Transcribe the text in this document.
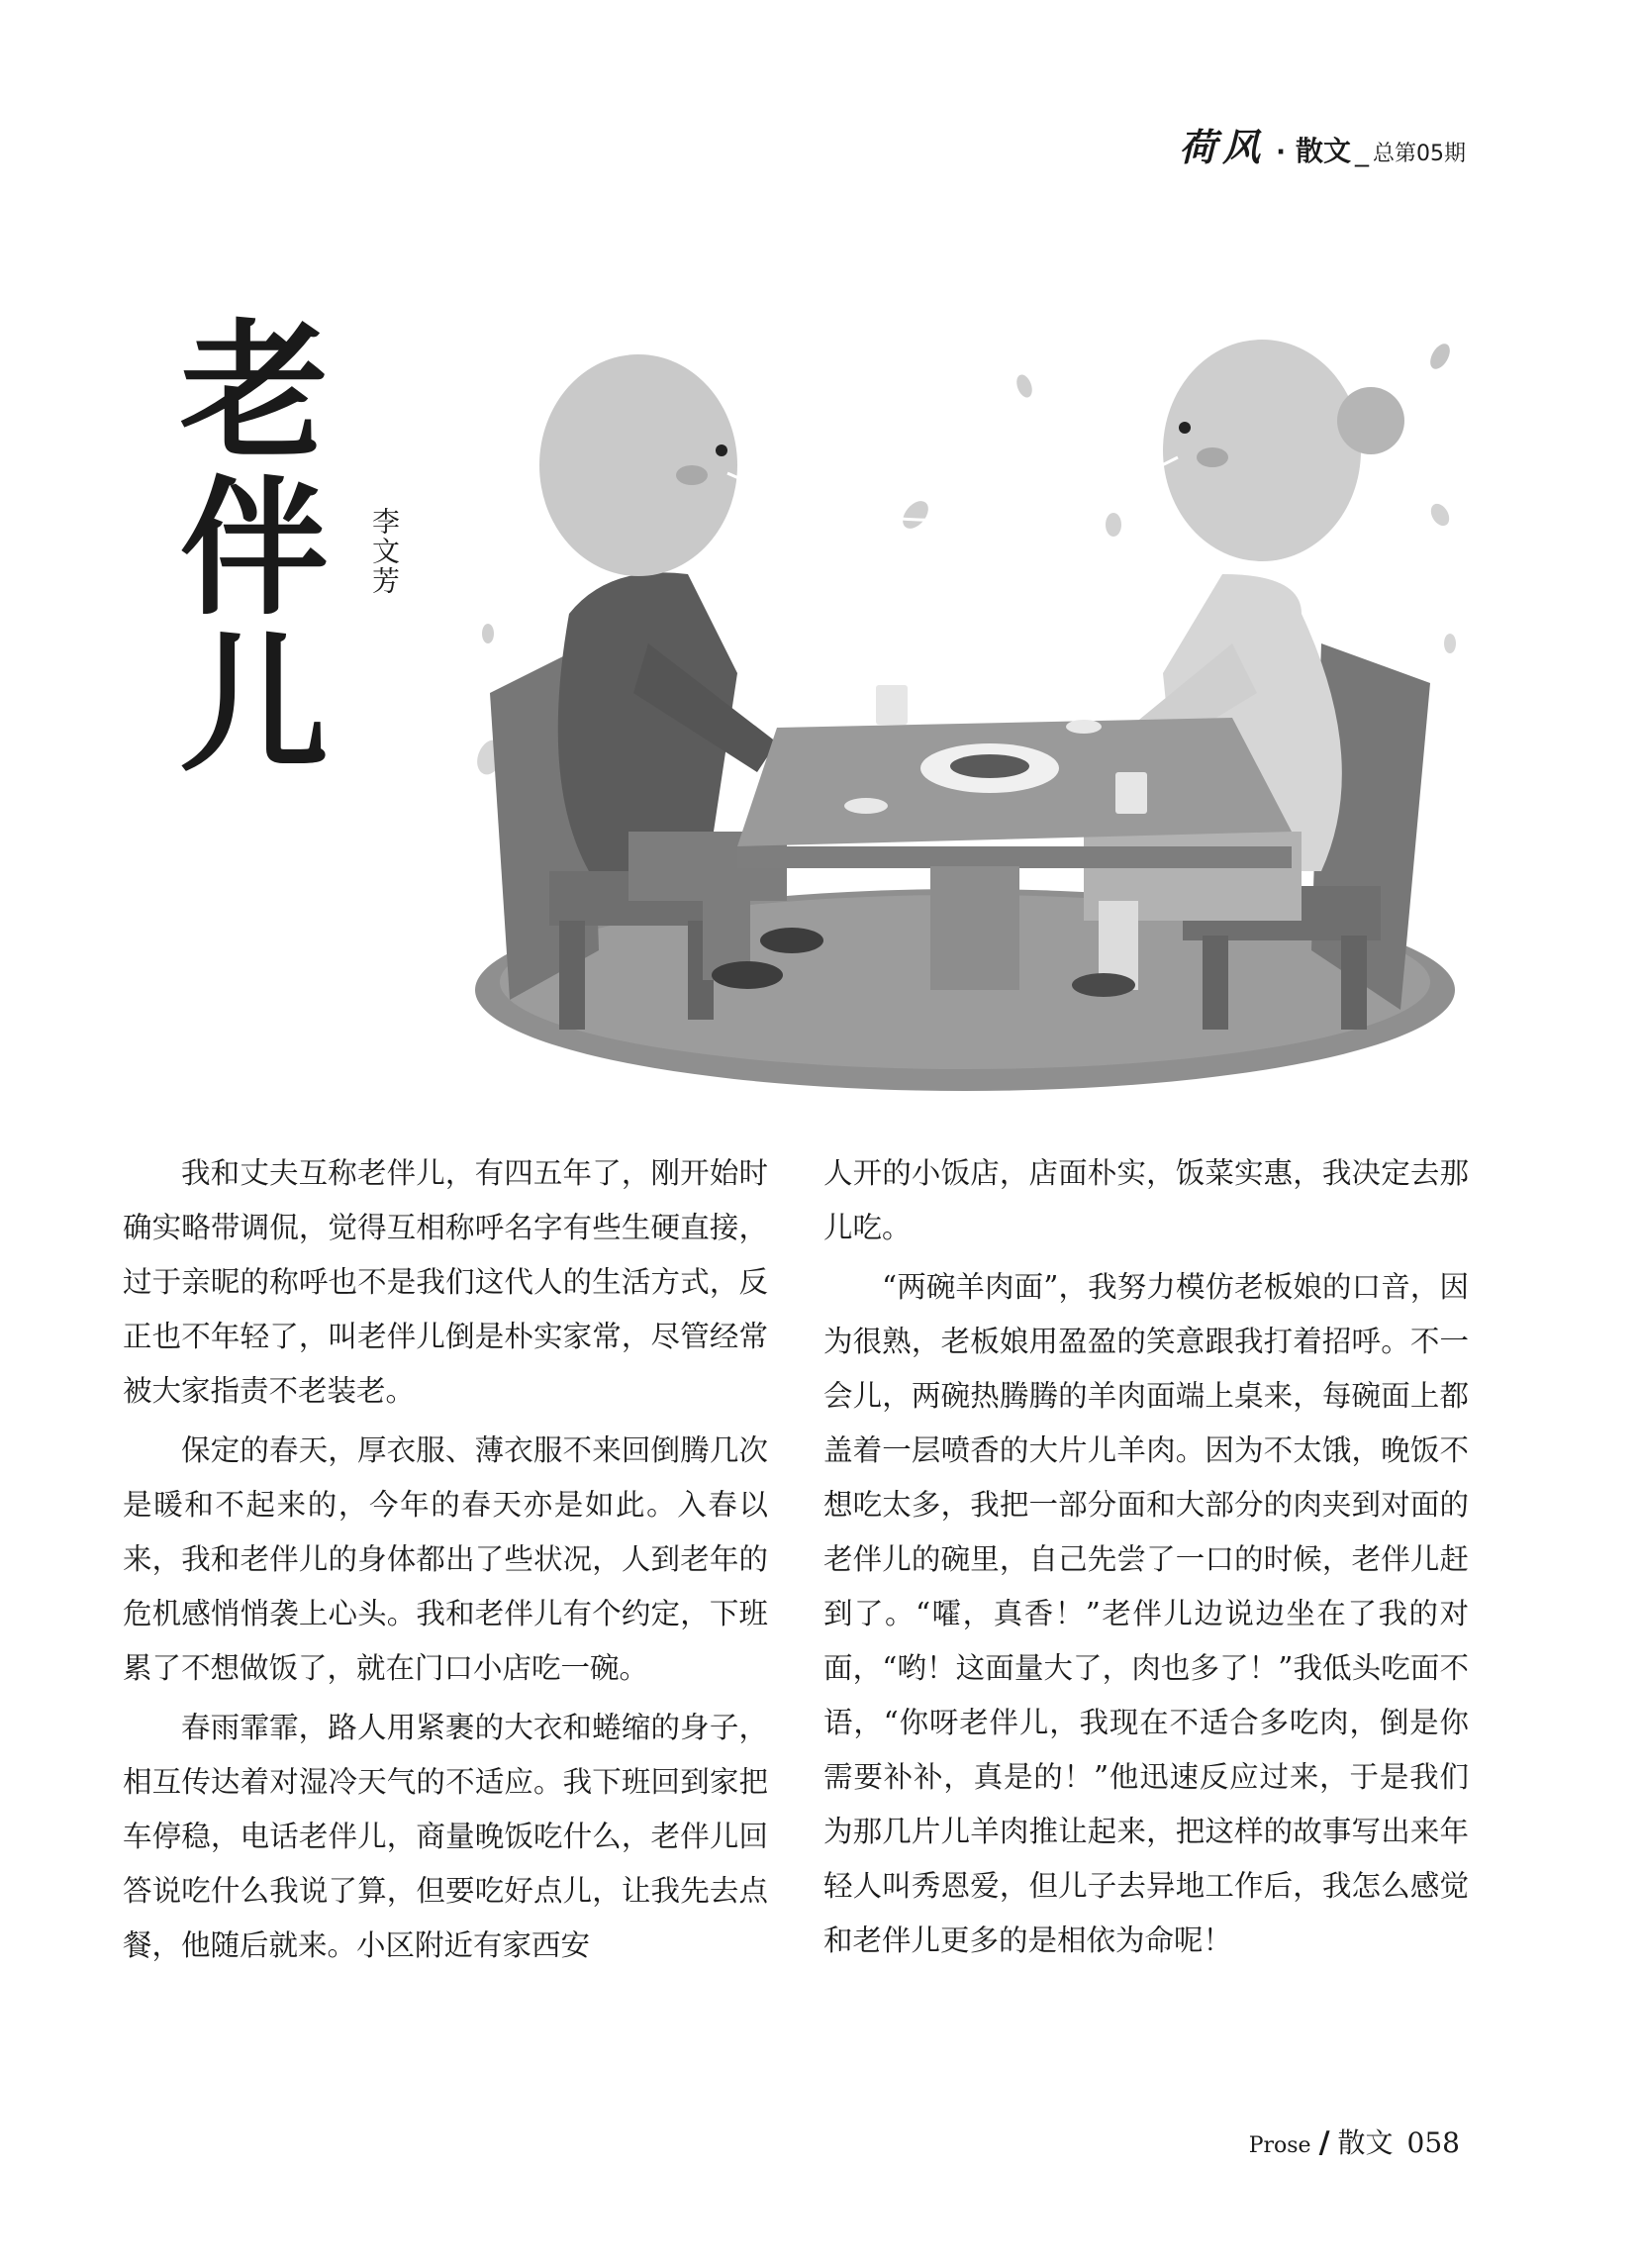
荷风 · 散文 _ 总第05期
老
伴
儿
李文芳

我和丈夫互称老伴儿，有四五年了，刚开始时确实略带调侃，觉得互相称呼名字有些生硬直接，过于亲昵的称呼也不是我们这代人的生活方式，反正也不年轻了，叫老伴儿倒是朴实家常，尽管经常被大家指责不老装老。

保定的春天，厚衣服、薄衣服不来回倒腾几次是暖和不起来的，今年的春天亦是如此。入春以来，我和老伴儿的身体都出了些状况，人到老年的危机感悄悄袭上心头。我和老伴儿有个约定，下班累了不想做饭了，就在门口小店吃一碗。

春雨霏霏，路人用紧裹的大衣和蜷缩的身子，相互传达着对湿冷天气的不适应。我下班回到家把车停稳，电话老伴儿，商量晚饭吃什么，老伴儿回答说吃什么我说了算，但要吃好点儿，让我先去点餐，他随后就来。小区附近有家西安

人开的小饭店，店面朴实，饭菜实惠，我决定去那儿吃。

“两碗羊肉面”，我努力模仿老板娘的口音，因为很熟，老板娘用盈盈的笑意跟我打着招呼。不一会儿，两碗热腾腾的羊肉面端上桌来，每碗面上都盖着一层喷香的大片儿羊肉。因为不太饿，晚饭不想吃太多，我把一部分面和大部分的肉夹到对面的老伴儿的碗里，自己先尝了一口的时候，老伴儿赶到了。“嚯，真香！”老伴儿边说边坐在了我的对面，“哟！这面量大了，肉也多了！”我低头吃面不语，“你呀老伴儿，我现在不适合多吃肉，倒是你需要补补，真是的！”他迅速反应过来，于是我们为那几片儿羊肉推让起来，把这样的故事写出来年轻人叫秀恩爱，但儿子去异地工作后，我怎么感觉和老伴儿更多的是相依为命呢！

Prose / 散文 058
